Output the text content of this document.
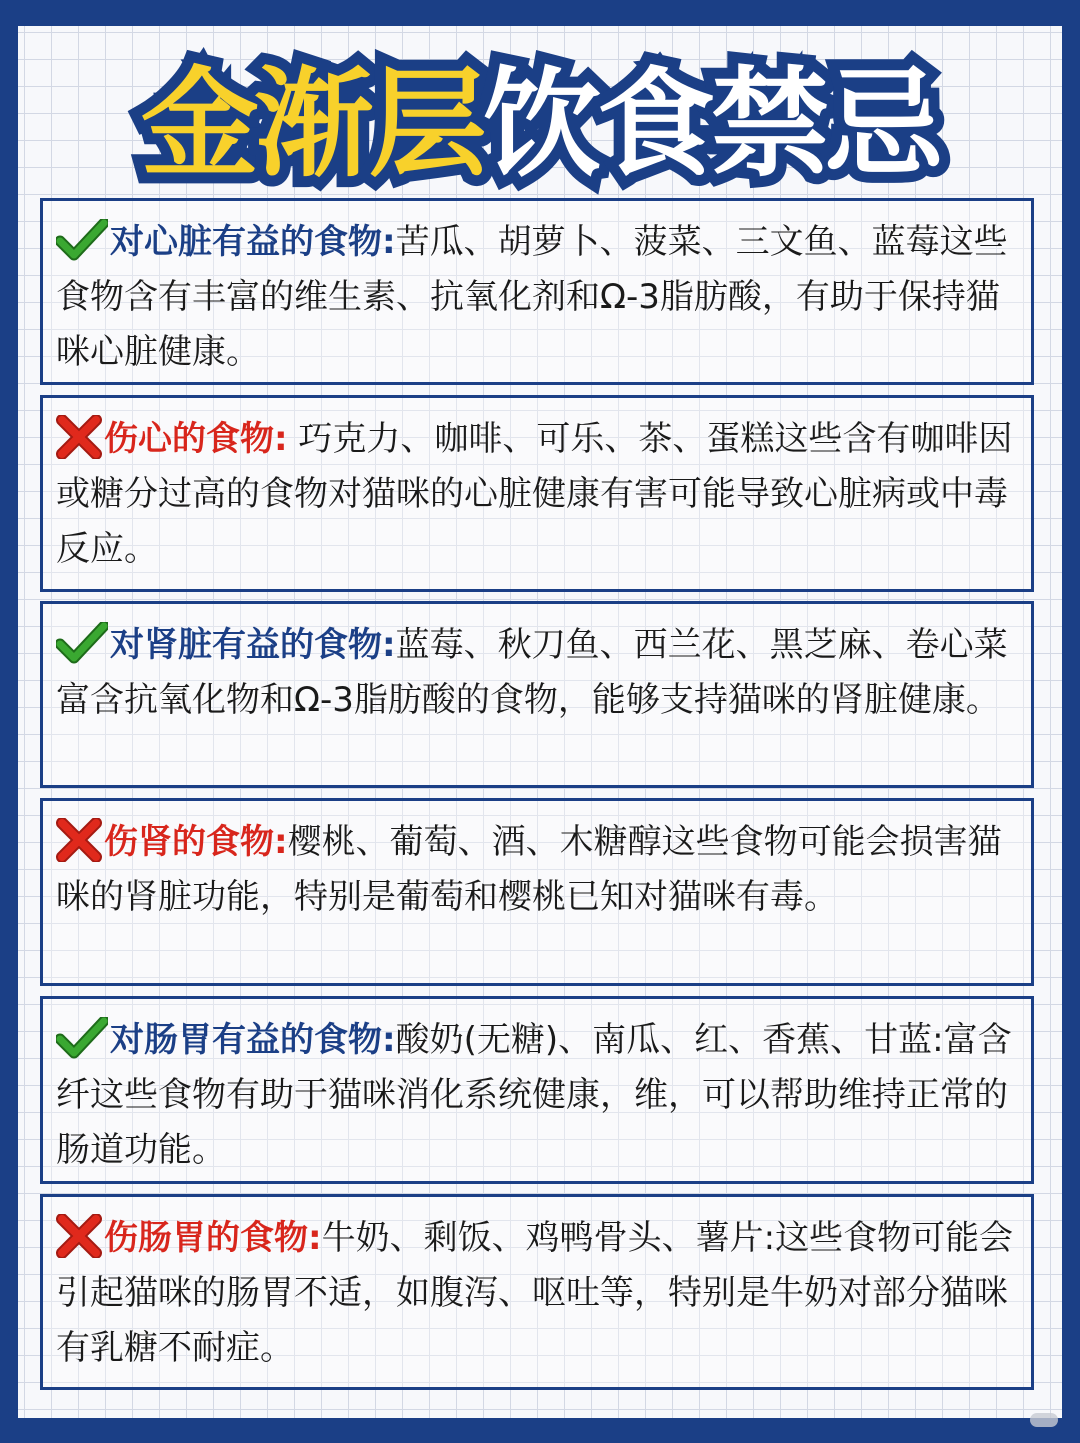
金渐层饮食禁忌

对心脏有益的食物:苦瓜、胡萝卜、菠菜、三文鱼、蓝莓这些食物含有丰富的维生素、抗氧化剂和Ω-3脂肪酸，有助于保持猫咪心脏健康。

伤心的食物: 巧克力、咖啡、可乐、茶、蛋糕这些含有咖啡因或糖分过高的食物对猫咪的心脏健康有害可能导致心脏病或中毒反应。

对肾脏有益的食物:蓝莓、秋刀鱼、西兰花、黑芝麻、卷心菜富含抗氧化物和Ω-3脂肪酸的食物，能够支持猫咪的肾脏健康。

伤肾的食物:樱桃、葡萄、酒、木糖醇这些食物可能会损害猫咪的肾脏功能，特别是葡萄和樱桃已知对猫咪有毒。

对肠胃有益的食物:酸奶(无糖)、南瓜、红、香蕉、甘蓝:富含纤这些食物有助于猫咪消化系统健康，维，可以帮助维持正常的肠道功能。

伤肠胃的食物:牛奶、剩饭、鸡鸭骨头、薯片:这些食物可能会引起猫咪的肠胃不适，如腹泻、呕吐等，特别是牛奶对部分猫咪有乳糖不耐症。
